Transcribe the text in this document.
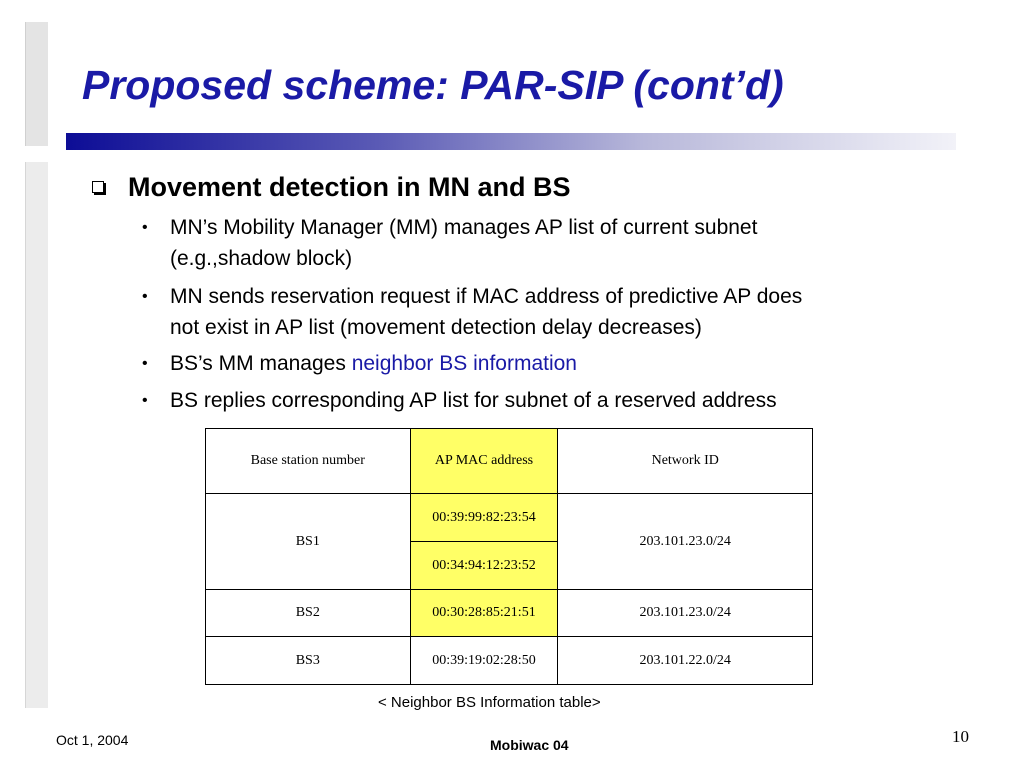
Proposed scheme: PAR-SIP (cont’d)
Movement detection in MN and BS
• MN’s Mobility Manager (MM) manages AP list of current subnet
(e.g.,shadow block)
• MN sends reservation request if MAC address of predictive AP does
not exist in AP list (movement detection delay decreases)
• BS’s MM manages neighbor BS information
• BS replies corresponding AP list for subnet of a reserved address
Base station number	AP MAC address	Network ID
BS1	00:39:99:82:23:54	203.101.23.0/24
	00:34:94:12:23:52	
BS2	00:30:28:85:21:51	203.101.23.0/24
BS3	00:39:19:02:28:50	203.101.22.0/24
< Neighbor BS Information table>
Oct 1, 2004	Mobiwac 04	10
